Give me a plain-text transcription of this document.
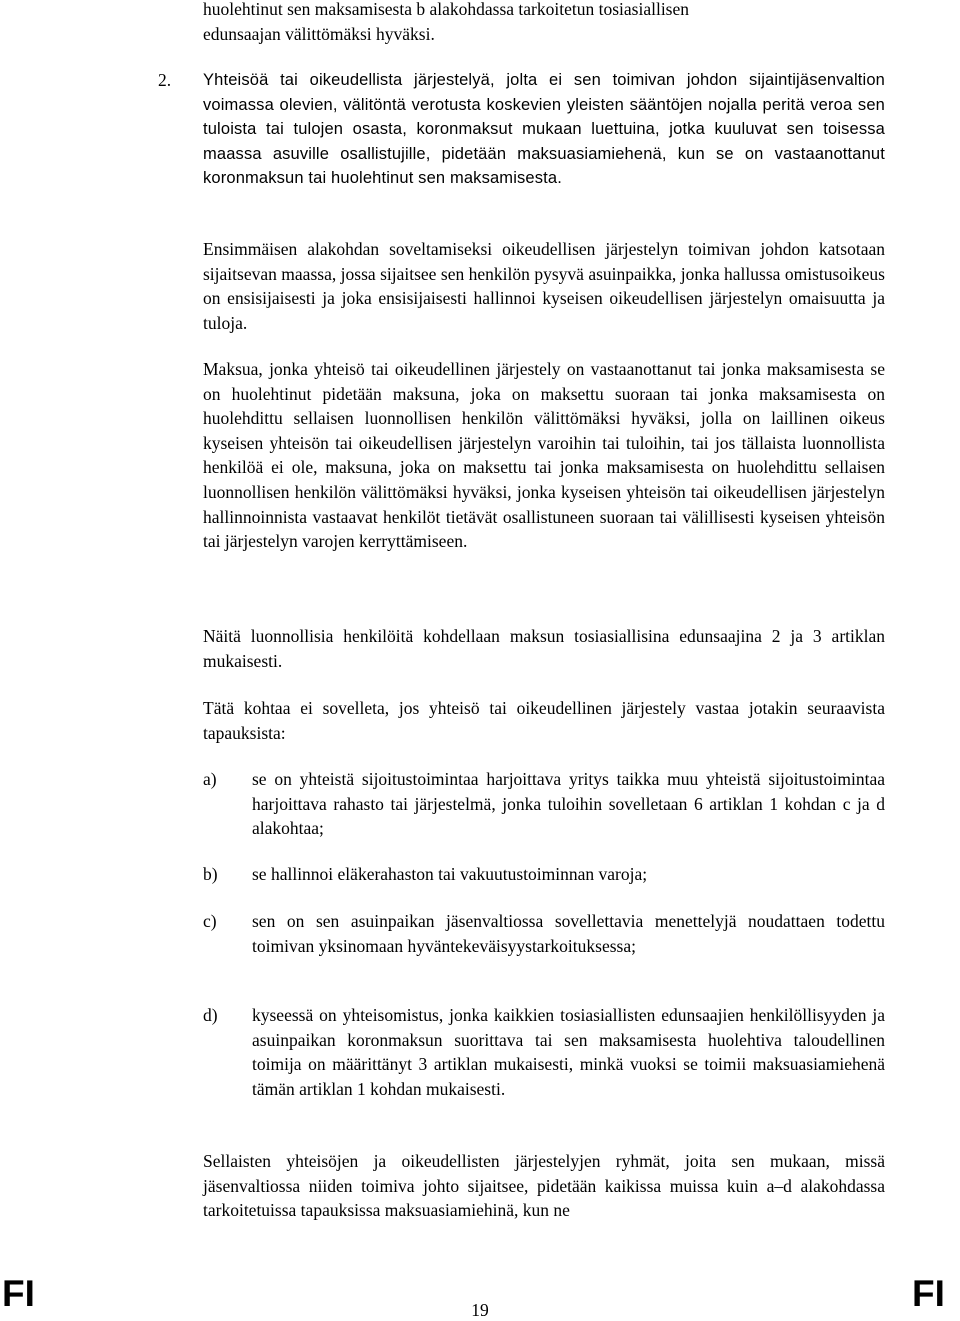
huolehtinut sen maksamisesta b alakohdassa tarkoitetun tosiasiallisen

edunsaajan välittömäksi hyväksi.

2. Yhteisöä tai oikeudellista järjestelyä, jolta ei sen toimivan johdon sijaintijäsenvaltion voimassa olevien, välitöntä verotusta koskevien yleisten sääntöjen nojalla peritä veroa sen tuloista tai tulojen osasta, koronmaksut mukaan luettuina, jotka kuuluvat sen toisessa maassa asuville osallistujille, pidetään maksuasiamiehenä, kun se on vastaanottanut koronmaksun tai huolehtinut sen maksamisesta.

Ensimmäisen alakohdan soveltamiseksi oikeudellisen järjestelyn toimivan johdon katsotaan sijaitsevan maassa, jossa sijaitsee sen henkilön pysyvä asuinpaikka, jonka hallussa omistusoikeus on ensisijaisesti ja joka ensisijaisesti hallinnoi kyseisen oikeudellisen järjestelyn omaisuutta ja tuloja.

Maksua, jonka yhteisö tai oikeudellinen järjestely on vastaanottanut tai jonka maksamisesta se on huolehtinut pidetään maksuna, joka on maksettu suoraan tai jonka maksamisesta on huolehdittu sellaisen luonnollisen henkilön välittömäksi hyväksi, jolla on laillinen oikeus kyseisen yhteisön tai oikeudellisen järjestelyn varoihin tai tuloihin, tai jos tällaista luonnollista henkilöä ei ole, maksuna, joka on maksettu tai jonka maksamisesta on huolehdittu sellaisen luonnollisen henkilön välittömäksi hyväksi, jonka kyseisen yhteisön tai oikeudellisen järjestelyn hallinnoinnista vastaavat henkilöt tietävät osallistuneen suoraan tai välillisesti kyseisen yhteisön tai järjestelyn varojen kerryttämiseen.

Näitä luonnollisia henkilöitä kohdellaan maksun tosiasiallisina edunsaajina 2 ja 3 artiklan mukaisesti.

Tätä kohtaa ei sovelleta, jos yhteisö tai oikeudellinen järjestely vastaa jotakin seuraavista tapauksista:

a) se on yhteistä sijoitustoimintaa harjoittava yritys taikka muu yhteistä sijoitustoimintaa harjoittava rahasto tai järjestelmä, jonka tuloihin sovelletaan 6 artiklan 1 kohdan c ja d alakohtaa;

b) se hallinnoi eläkerahaston tai vakuutustoiminnan varoja;

c) sen on sen asuinpaikan jäsenvaltiossa sovellettavia menettelyjä noudattaen todettu toimivan yksinomaan hyväntekeväisyystarkoituksessa;

d) kyseessä on yhteisomistus, jonka kaikkien tosiasiallisten edunsaajien henkilöllisyyden ja asuinpaikan koronmaksun suorittava tai sen maksamisesta huolehtiva taloudellinen toimija on määrittänyt 3 artiklan mukaisesti, minkä vuoksi se toimii maksuasiamiehenä tämän artiklan 1 kohdan mukaisesti.

Sellaisten yhteisöjen ja oikeudellisten järjestelyjen ryhmät, joita sen mukaan, missä jäsenvaltiossa niiden toimiva johto sijaitsee, pidetään kaikissa muissa kuin a–d alakohdassa tarkoitetuissa tapauksissa maksuasiamiehinä, kun ne

FI	19	FI
